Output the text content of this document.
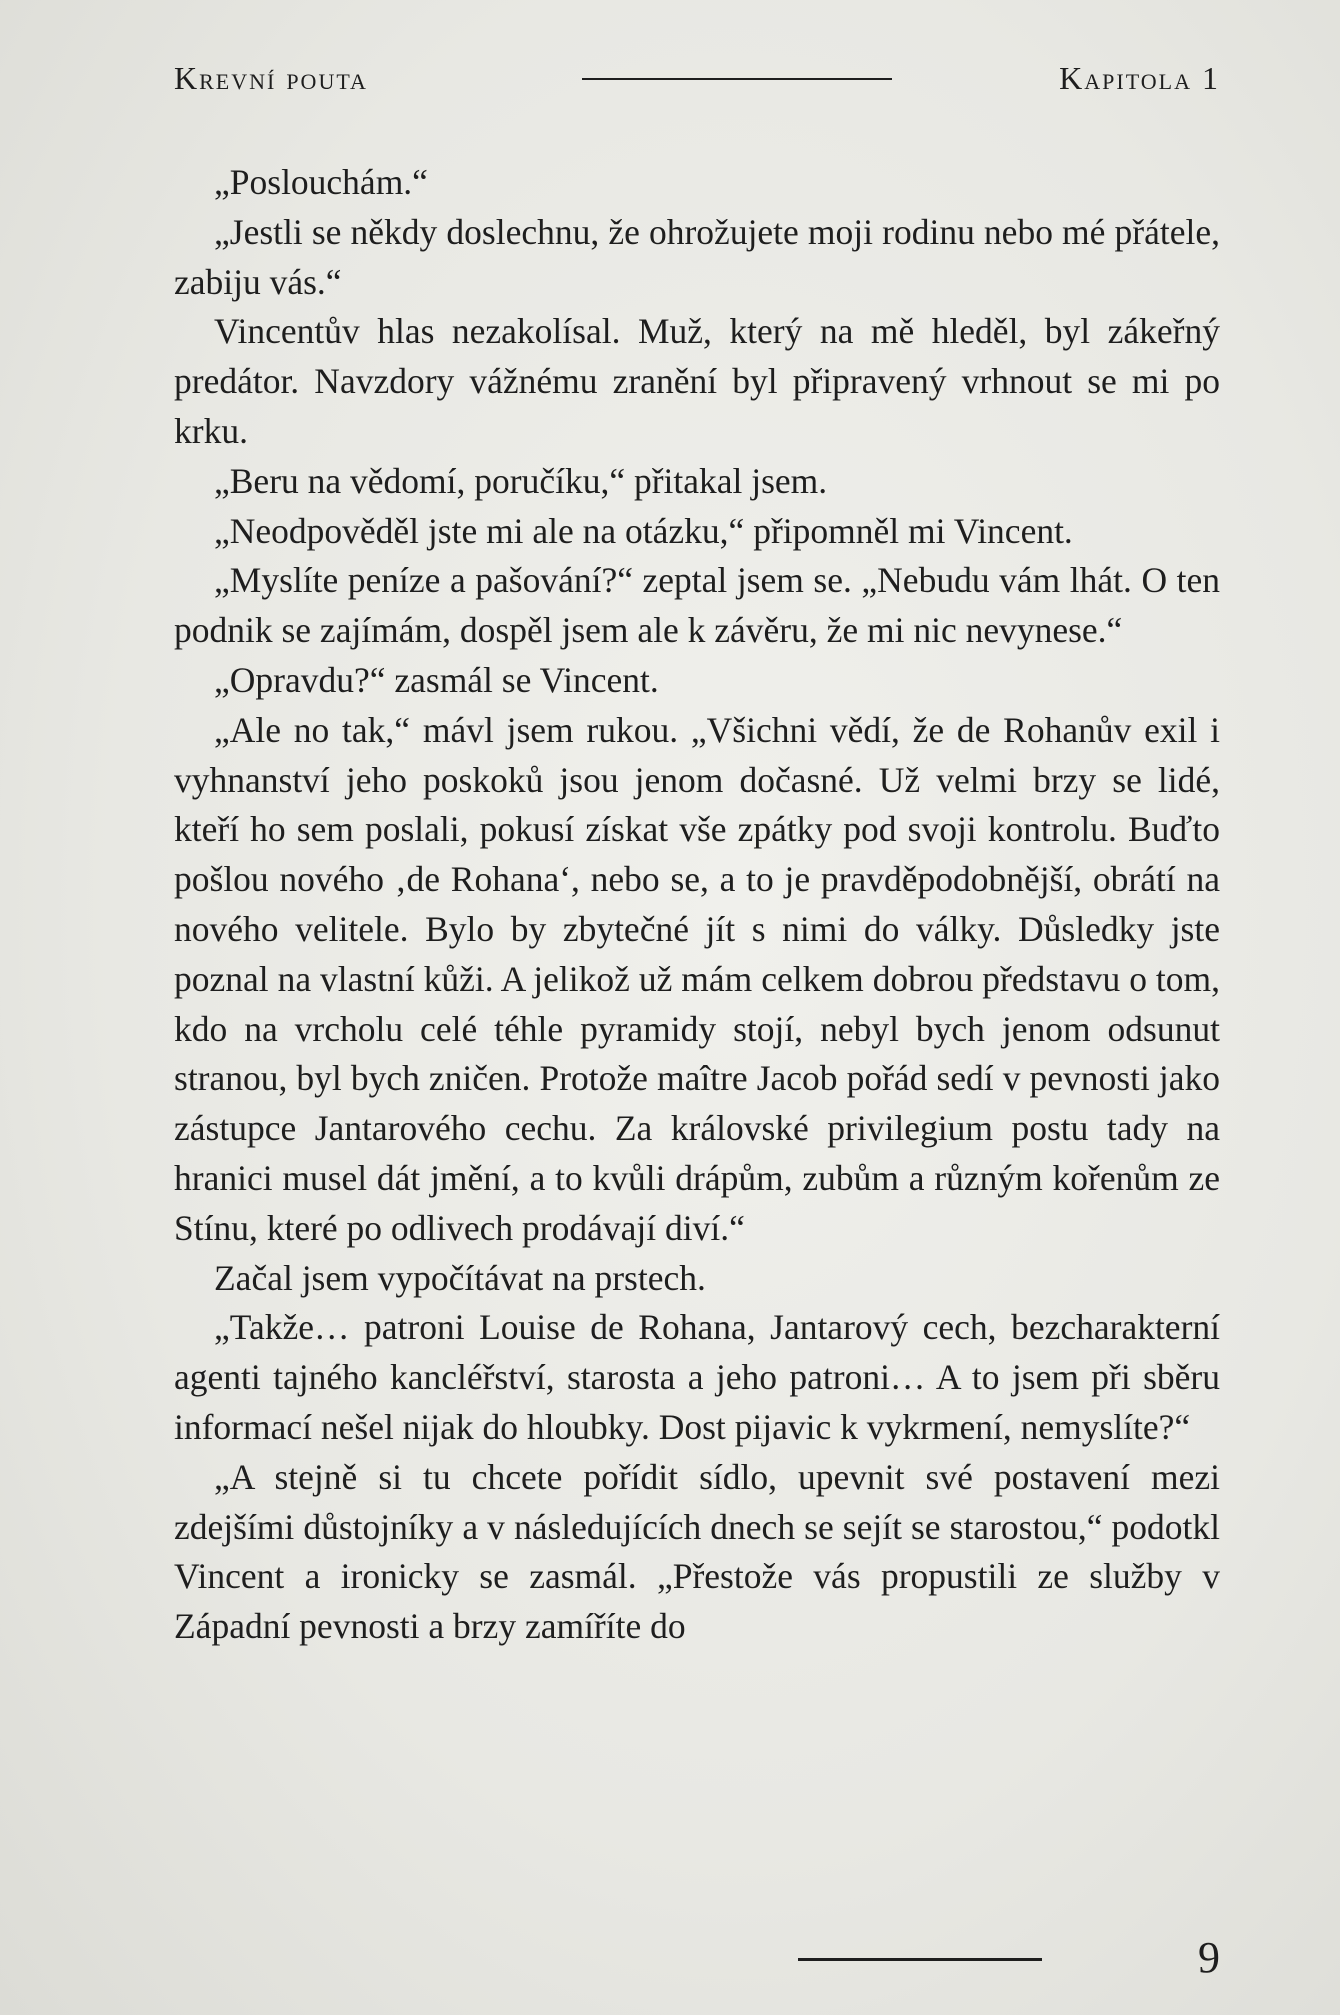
Krevní pouta	Kapitola 1

„Poslouchám.“

„Jestli se někdy doslechnu, že ohrožujete moji rodinu nebo mé přátele, zabiju vás.“

Vincentův hlas nezakolísal. Muž, který na mě hleděl, byl zákeřný predátor. Navzdory vážnému zranění byl připravený vrhnout se mi po krku.

„Beru na vědomí, poručíku,“ přitakal jsem.

„Neodpověděl jste mi ale na otázku,“ připomněl mi Vincent.

„Myslíte peníze a pašování?“ zeptal jsem se. „Nebudu vám lhát. O ten podnik se zajímám, dospěl jsem ale k závěru, že mi nic nevynese.“

„Opravdu?“ zasmál se Vincent.

„Ale no tak,“ mávl jsem rukou. „Všichni vědí, že de Rohanův exil i vyhnanství jeho poskoků jsou jenom dočasné. Už velmi brzy se lidé, kteří ho sem poslali, pokusí získat vše zpátky pod svoji kontrolu. Buďto pošlou nového ‚de Rohana‘, nebo se, a to je pravděpodobnější, obrátí na nového velitele. Bylo by zbytečné jít s nimi do války. Důsledky jste poznal na vlastní kůži. A jelikož už mám celkem dobrou představu o tom, kdo na vrcholu celé téhle pyramidy stojí, nebyl bych jenom odsunut stranou, byl bych zničen. Protože maître Jacob pořád sedí v pevnosti jako zástupce Jantarového cechu. Za královské privilegium postu tady na hranici musel dát jmění, a to kvůli drápům, zubům a různým kořenům ze Stínu, které po odlivech prodávají diví.“

Začal jsem vypočítávat na prstech.

„Takže… patroni Louise de Rohana, Jantarový cech, bezcharakterní agenti tajného kancléřství, starosta a jeho patroni… A to jsem při sběru informací nešel nijak do hloubky. Dost pijavic k vykrmení, nemyslíte?“

„A stejně si tu chcete pořídit sídlo, upevnit své postavení mezi zdejšími důstojníky a v následujících dnech se sejít se starostou,“ podotkl Vincent a ironicky se zasmál. „Přestože vás propustili ze služby v Západní pevnosti a brzy zamíříte do

9
